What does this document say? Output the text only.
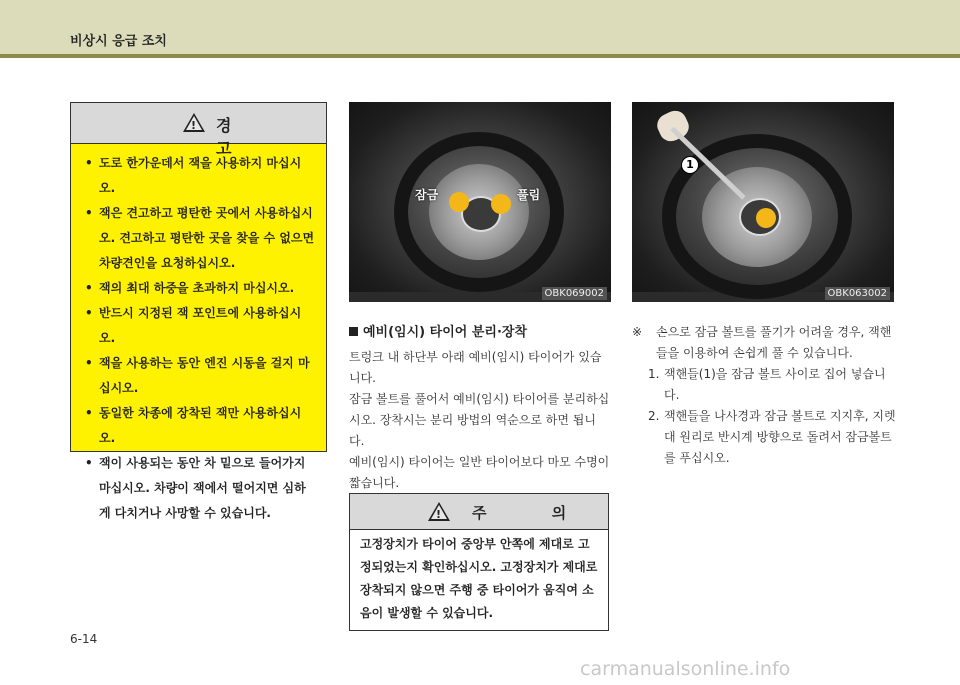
비상시 응급 조치
! 경 고
• 도로 한가운데서 잭을 사용하지 마십시오.
• 잭은 견고하고 평탄한 곳에서 사용하십시오. 견고하고 평탄한 곳을 찾을 수 없으면 차량견인을 요청하십시오.
• 잭의 최대 하중을 초과하지 마십시오.
• 반드시 지정된 잭 포인트에 사용하십시오.
• 잭을 사용하는 동안 엔진 시동을 걸지 마십시오.
• 동일한 차종에 장착된 잭만 사용하십시오.
• 잭이 사용되는 동안 차 밑으로 들어가지 마십시오. 차량이 잭에서 떨어지면 심하게 다치거나 사망할 수 있습니다.
잠금	풀림
OBK069002
1
OBK063002
예비(임시) 타이어 분리·장착

트렁크 내 하단부 아래 예비(임시) 타이어가 있습니다.

잠금 볼트를 풀어서 예비(임시) 타이어를 분리하십시오. 장착시는 분리 방법의 역순으로 하면 됩니다.

예비(임시) 타이어는 일반 타이어보다 마모 수명이 짧습니다.

! 주 의

고정장치가 타이어 중앙부 안쪽에 제대로 고정되었는지 확인하십시오. 고정장치가 제대로 장착되지 않으면 주행 중 타이어가 움직여 소음이 발생할 수 있습니다.

※ 손으로 잠금 볼트를 풀기가 어려울 경우, 잭핸들을 이용하여 손쉽게 풀 수 있습니다.
1. 잭핸들(1)을 잠금 볼트 사이로 집어 넣습니다.
2. 잭핸들을 나사경과 잠금 볼트로 지지후, 지렛대 원리로 반시계 방향으로 돌려서 잠금볼트를 푸십시오.
6-14
carmanualsonline.info
